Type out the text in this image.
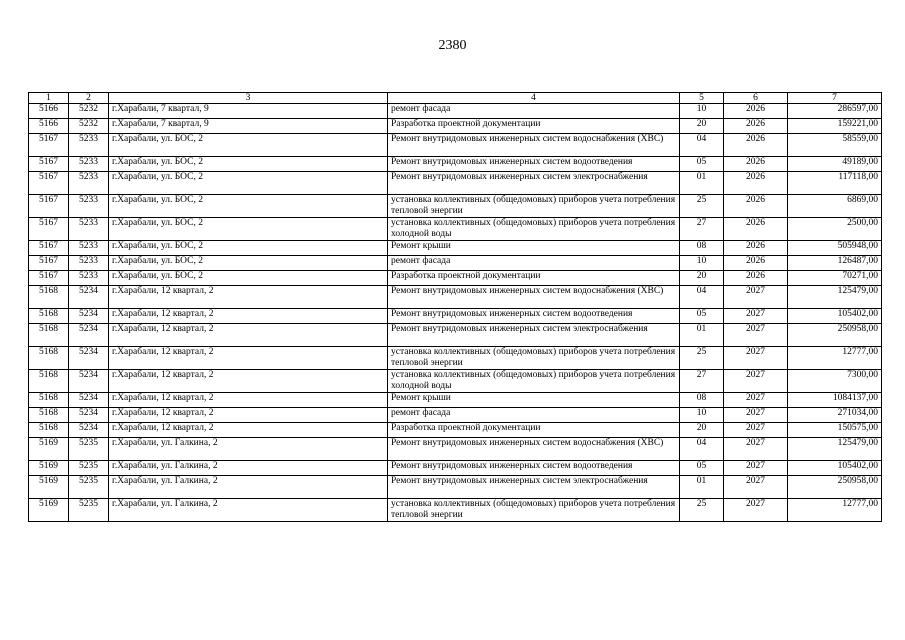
2380
1	2	3	4	5	6	7
5166	5232	г.Харабали, 7 квартал, 9	ремонт фасада	10	2026	286597,00
5166	5232	г.Харабали, 7 квартал, 9	Разработка проектной документации	20	2026	159221,00
5167	5233	г.Харабали, ул. БОС, 2	Ремонт внутридомовых инженерных систем водоснабжения (ХВС)	04	2026	58559,00
5167	5233	г.Харабали, ул. БОС, 2	Ремонт внутридомовых инженерных систем водоотведения	05	2026	49189,00
5167	5233	г.Харабали, ул. БОС, 2	Ремонт внутридомовых инженерных систем электроснабжения	01	2026	117118,00
5167	5233	г.Харабали, ул. БОС, 2	установка коллективных (общедомовых) приборов учета потребления тепловой энергии	25	2026	6869,00
5167	5233	г.Харабали, ул. БОС, 2	установка коллективных (общедомовых) приборов учета потребления холодной воды	27	2026	2500,00
5167	5233	г.Харабали, ул. БОС, 2	Ремонт крыши	08	2026	505948,00
5167	5233	г.Харабали, ул. БОС, 2	ремонт фасада	10	2026	126487,00
5167	5233	г.Харабали, ул. БОС, 2	Разработка проектной документации	20	2026	70271,00
5168	5234	г.Харабали, 12 квартал, 2	Ремонт внутридомовых инженерных систем водоснабжения (ХВС)	04	2027	125479,00
5168	5234	г.Харабали, 12 квартал, 2	Ремонт внутридомовых инженерных систем водоотведения	05	2027	105402,00
5168	5234	г.Харабали, 12 квартал, 2	Ремонт внутридомовых инженерных систем электроснабжения	01	2027	250958,00
5168	5234	г.Харабали, 12 квартал, 2	установка коллективных (общедомовых) приборов учета потребления тепловой энергии	25	2027	12777,00
5168	5234	г.Харабали, 12 квартал, 2	установка коллективных (общедомовых) приборов учета потребления холодной воды	27	2027	7300,00
5168	5234	г.Харабали, 12 квартал, 2	Ремонт крыши	08	2027	1084137,00
5168	5234	г.Харабали, 12 квартал, 2	ремонт фасада	10	2027	271034,00
5168	5234	г.Харабали, 12 квартал, 2	Разработка проектной документации	20	2027	150575,00
5169	5235	г.Харабали, ул. Галкина, 2	Ремонт внутридомовых инженерных систем водоснабжения (ХВС)	04	2027	125479,00
5169	5235	г.Харабали, ул. Галкина, 2	Ремонт внутридомовых инженерных систем водоотведения	05	2027	105402,00
5169	5235	г.Харабали, ул. Галкина, 2	Ремонт внутридомовых инженерных систем электроснабжения	01	2027	250958,00
5169	5235	г.Харабали, ул. Галкина, 2	установка коллективных (общедомовых) приборов учета потребления тепловой энергии	25	2027	12777,00
